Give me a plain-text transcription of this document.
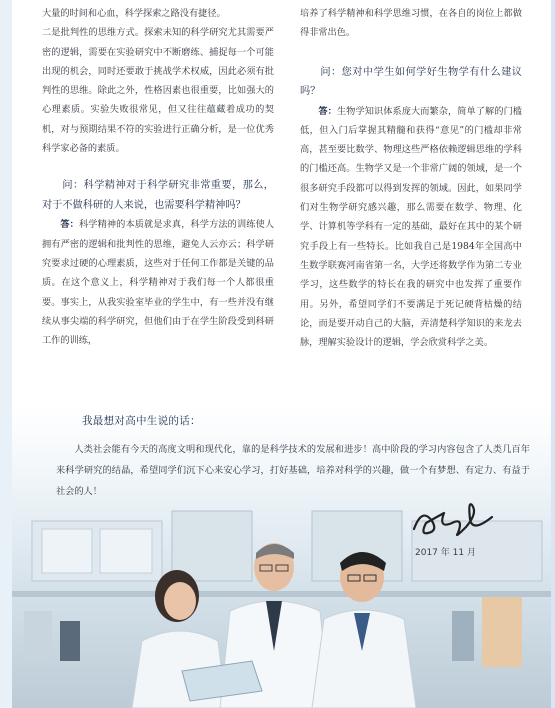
大量的时间和心血，科学探索之路没有捷径。

二是批判性的思维方式。探索未知的科学研究尤其需要严密的逻辑，需要在实验研究中不断磨练、捕捉每一个可能出现的机会，同时还要敢于挑战学术权威，因此必须有批判性的思维。除此之外，性格因素也很重要，比如强大的心理素质。实验失败很常见，但又往往蕴藏着成功的契机，对与预期结果不符的实验进行正确分析，是一位优秀科学家必备的素质。

问：科学精神对于科学研究非常重要，那么，对于不做科研的人来说，也需要科学精神吗？

答：科学精神的本质就是求真，科学方法的训练使人拥有严密的逻辑和批判性的思维，避免人云亦云；科学研究要求过硬的心理素质，这些对于任何工作都是关键的品质。在这个意义上，科学精神对于我们每一个人都很重要。事实上，从我实验室毕业的学生中，有一些并没有继续从事尖端的科学研究，但他们由于在学生阶段受到科研工作的训练，

培养了科学精神和科学思维习惯，在各自的岗位上都做得非常出色。

问：您对中学生如何学好生物学有什么建议吗？

答：生物学知识体系庞大而繁杂，简单了解的门槛低，但入门后掌握其精髓和获得“意见”的门槛却非常高，甚至要比数学、物理这些严格依赖逻辑思维的学科的门槛还高。生物学又是一个非常广阔的领域，是一个很多研究手段都可以得到发挥的领域。因此，如果同学们对生物学研究感兴趣，那么需要在数学、物理、化学、计算机等学科有一定的基础，最好在其中的某个研究手段上有一些特长。比如我自己是1984年全国高中生数学联赛河南省第一名，大学还将数学作为第二专业学习，这些数学的特长在我的研究中也发挥了重要作用。另外，希望同学们不要满足于死记硬背枯燥的结论，而是要开动自己的大脑，弄清楚科学知识的来龙去脉，理解实验设计的逻辑，学会欣赏科学之美。

我最想对高中生说的话：
人类社会能有今天的高度文明和现代化，靠的是科学技术的发展和进步！高中阶段的学习内容包含了人类几百年来科学研究的结晶，希望同学们沉下心来安心学习，打好基础，培养对科学的兴趣，做一个有梦想、有定力、有益于社会的人！
2017 年 11 月
